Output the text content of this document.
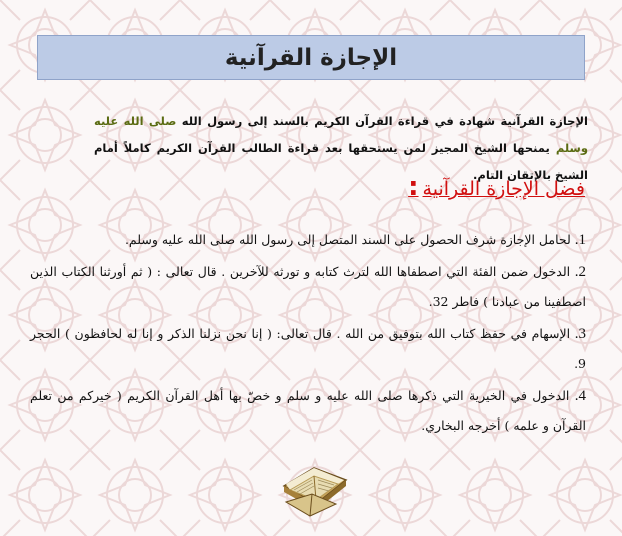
الإجازة القرآنية
الإجازة القرآنية شهادة في قراءة القرآن الكريم بالسند إلى رسول الله صلى الله عليه وسلم يمنحها الشيخ المجيز لمن يستحقها بعد قراءة الطالب القرآن الكريم كاملاً أمام الشيخ بالإتقان التام.
فضل الإجازة القرآنية:
1. لحامل الإجازة شرف الحصول على السند المتصل إلى رسول الله صلى الله عليه وسلم.
2. الدخول ضمن الفئة التي اصطفاها الله لترث كتابه و تورثه للآخرين . قال تعالى : ( ثم أورثنا الكتاب الذين اصطفينا من عبادنا ) فاطر 32.
3. الإسهام في حفظ كتاب الله بتوفيق من الله . قال تعالى: ( إنا نحن نزلنا الذكر و إنا له لحافظون ) الحجر 9.
4. الدخول في الخيرية التي ذكرها صلى الله عليه و سلم و خصّ بها أهل القرآن الكريم ( خيركم من تعلم القرآن و علمه ) أخرجه البخاري.
